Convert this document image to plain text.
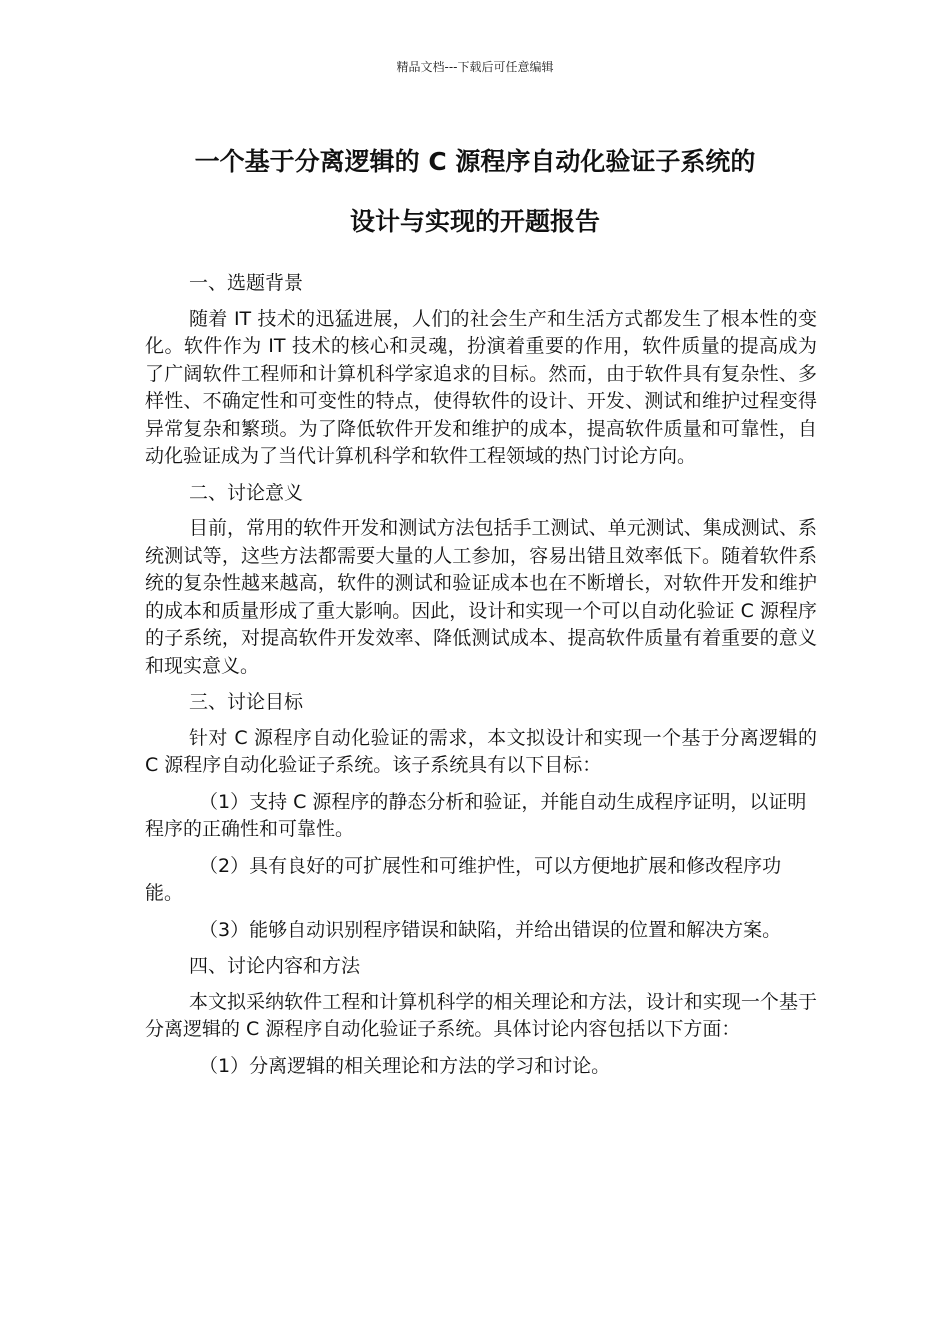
精品文档---下载后可任意编辑
一个基于分离逻辑的 C 源程序自动化验证子系统的
设计与实现的开题报告
一、选题背景
随着 IT 技术的迅猛进展，人们的社会生产和生活方式都发生了根本性的变化。软件作为 IT 技术的核心和灵魂，扮演着重要的作用，软件质量的提高成为了广阔软件工程师和计算机科学家追求的目标。然而，由于软件具有复杂性、多样性、不确定性和可变性的特点，使得软件的设计、开发、测试和维护过程变得异常复杂和繁琐。为了降低软件开发和维护的成本，提高软件质量和可靠性，自动化验证成为了当代计算机科学和软件工程领域的热门讨论方向。
二、讨论意义
目前，常用的软件开发和测试方法包括手工测试、单元测试、集成测试、系统测试等，这些方法都需要大量的人工参加，容易出错且效率低下。随着软件系统的复杂性越来越高，软件的测试和验证成本也在不断增长，对软件开发和维护的成本和质量形成了重大影响。因此，设计和实现一个可以自动化验证 C 源程序的子系统，对提高软件开发效率、降低测试成本、提高软件质量有着重要的意义和现实意义。
三、讨论目标
针对 C 源程序自动化验证的需求，本文拟设计和实现一个基于分离逻辑的 C 源程序自动化验证子系统。该子系统具有以下目标：
（1）支持 C 源程序的静态分析和验证，并能自动生成程序证明，以证明程序的正确性和可靠性。
（2）具有良好的可扩展性和可维护性，可以方便地扩展和修改程序功能。
（3）能够自动识别程序错误和缺陷，并给出错误的位置和解决方案。
四、讨论内容和方法
本文拟采纳软件工程和计算机科学的相关理论和方法，设计和实现一个基于分离逻辑的 C 源程序自动化验证子系统。具体讨论内容包括以下方面：
（1）分离逻辑的相关理论和方法的学习和讨论。
